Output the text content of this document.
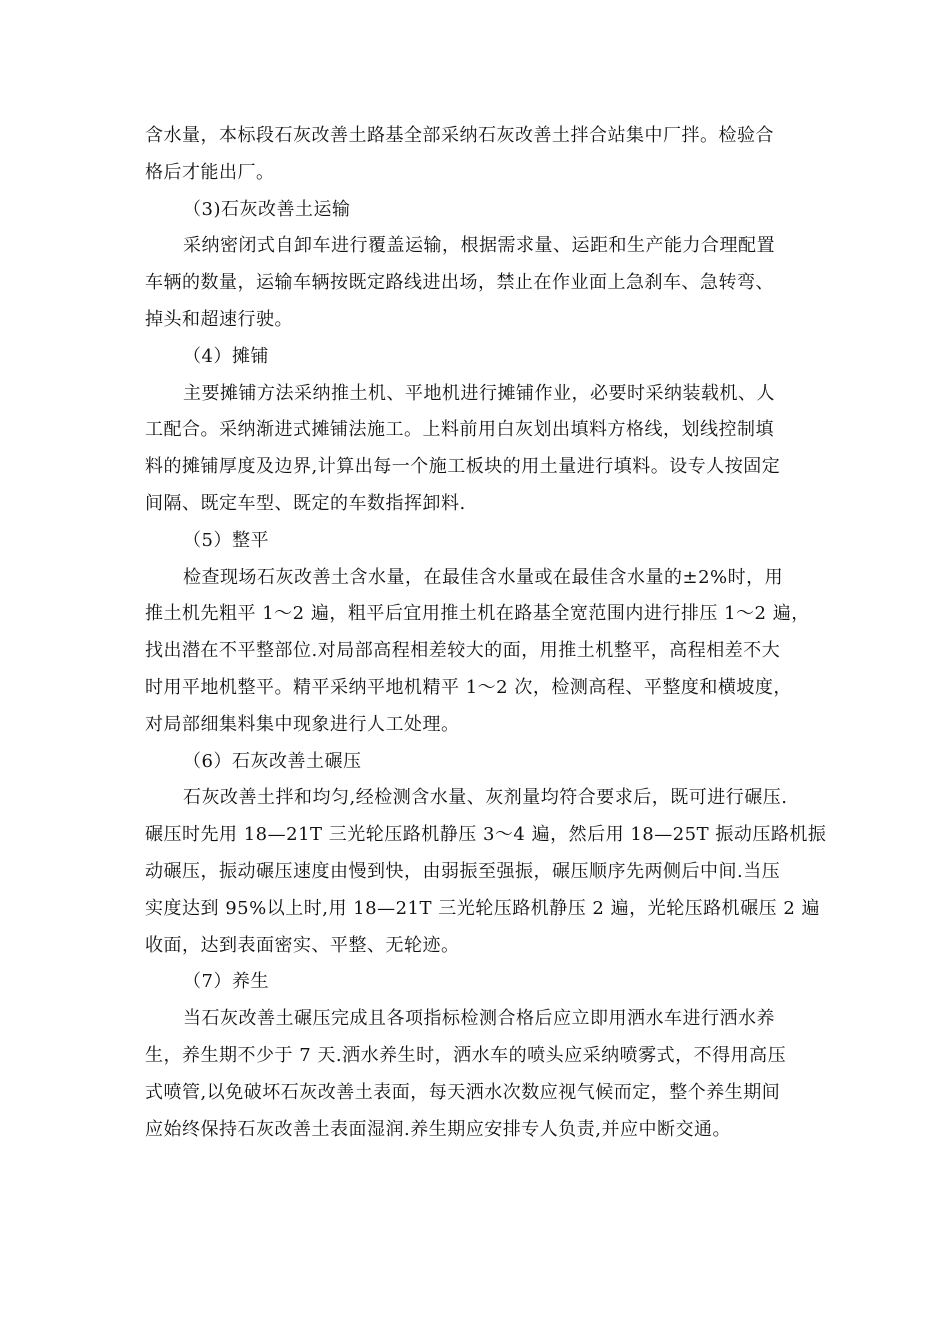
含水量，本标段石灰改善土路基全部采纳石灰改善土拌合站集中厂拌。检验合
格后才能出厂。
（3)石灰改善土运输
采纳密闭式自卸车进行覆盖运输，根据需求量、运距和生产能力合理配置
车辆的数量，运输车辆按既定路线进出场，禁止在作业面上急刹车、急转弯、
掉头和超速行驶。
（4）摊铺
主要摊铺方法采纳推土机、平地机进行摊铺作业，必要时采纳装载机、人
工配合。采纳渐进式摊铺法施工。上料前用白灰划出填料方格线，划线控制填
料的摊铺厚度及边界,计算出每一个施工板块的用土量进行填料。设专人按固定
间隔、既定车型、既定的车数指挥卸料.
（5）整平
检查现场石灰改善土含水量，在最佳含水量或在最佳含水量的±2%时，用
推土机先粗平 1～2 遍，粗平后宜用推土机在路基全宽范围内进行排压 1～2 遍，
找出潜在不平整部位.对局部高程相差较大的面，用推土机整平，高程相差不大
时用平地机整平。精平采纳平地机精平 1～2 次，检测高程、平整度和横坡度，
对局部细集料集中现象进行人工处理。
（6）石灰改善土碾压
石灰改善土拌和均匀,经检测含水量、灰剂量均符合要求后，既可进行碾压.
碾压时先用 18—21T 三光轮压路机静压 3～4 遍，然后用 18—25T 振动压路机振
动碾压，振动碾压速度由慢到快，由弱振至强振，碾压顺序先两侧后中间.当压
实度达到 95%以上时,用 18—21T 三光轮压路机静压 2 遍，光轮压路机碾压 2 遍
收面，达到表面密实、平整、无轮迹。
（7）养生
当石灰改善土碾压完成且各项指标检测合格后应立即用洒水车进行洒水养
生，养生期不少于 7 天.洒水养生时，洒水车的喷头应采纳喷雾式，不得用高压
式喷管,以免破坏石灰改善土表面，每天洒水次数应视气候而定，整个养生期间
应始终保持石灰改善土表面湿润.养生期应安排专人负责,并应中断交通。
